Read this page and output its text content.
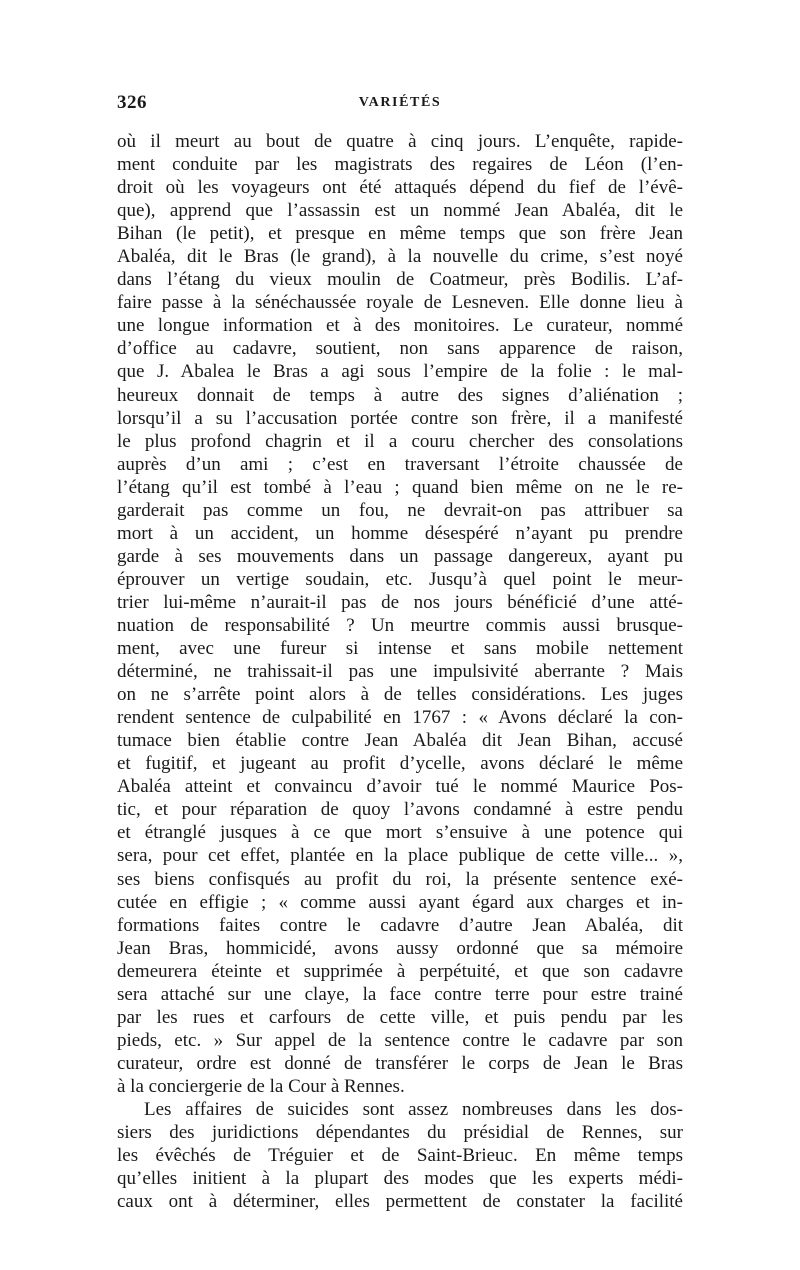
326	VARIÉTÉS
où il meurt au bout de quatre à cinq jours. L’enquête, rapide-
ment conduite par les magistrats des regaires de Léon (l’en-
droit où les voyageurs ont été attaqués dépend du fief de l’évê-
que), apprend que l’assassin est un nommé Jean Abaléa, dit le
Bihan (le petit), et presque en même temps que son frère Jean
Abaléa, dit le Bras (le grand), à la nouvelle du crime, s’est noyé
dans l’étang du vieux moulin de Coatmeur, près Bodilis. L’af-
faire passe à la sénéchaussée royale de Lesneven. Elle donne lieu à
une longue information et à des monitoires. Le curateur, nommé
d’office au cadavre, soutient, non sans apparence de raison,
que J. Abalea le Bras a agi sous l’empire de la folie : le mal-
heureux donnait de temps à autre des signes d’aliénation ;
lorsqu’il a su l’accusation portée contre son frère, il a manifesté
le plus profond chagrin et il a couru chercher des consolations
auprès d’un ami ; c’est en traversant l’étroite chaussée de
l’étang qu’il est tombé à l’eau ; quand bien même on ne le re-
garderait pas comme un fou, ne devrait-on pas attribuer sa
mort à un accident, un homme désespéré n’ayant pu prendre
garde à ses mouvements dans un passage dangereux, ayant pu
éprouver un vertige soudain, etc. Jusqu’à quel point le meur-
trier lui-même n’aurait-il pas de nos jours bénéficié d’une atté-
nuation de responsabilité ? Un meurtre commis aussi brusque-
ment, avec une fureur si intense et sans mobile nettement
déterminé, ne trahissait-il pas une impulsivité aberrante ? Mais
on ne s’arrête point alors à de telles considérations. Les juges
rendent sentence de culpabilité en 1767 : « Avons déclaré la con-
tumace bien établie contre Jean Abaléa dit Jean Bihan, accusé
et fugitif, et jugeant au profit d’ycelle, avons déclaré le même
Abaléa atteint et convaincu d’avoir tué le nommé Maurice Pos-
tic, et pour réparation de quoy l’avons condamné à estre pendu
et étranglé jusques à ce que mort s’ensuive à une potence qui
sera, pour cet effet, plantée en la place publique de cette ville... »,
ses biens confisqués au profit du roi, la présente sentence exé-
cutée en effigie ; « comme aussi ayant égard aux charges et in-
formations faites contre le cadavre d’autre Jean Abaléa, dit
Jean Bras, hommicidé, avons aussy ordonné que sa mémoire
demeurera éteinte et supprimée à perpétuité, et que son cadavre
sera attaché sur une claye, la face contre terre pour estre trainé
par les rues et carfours de cette ville, et puis pendu par les
pieds, etc. » Sur appel de la sentence contre le cadavre par son
curateur, ordre est donné de transférer le corps de Jean le Bras
à la conciergerie de la Cour à Rennes.
Les affaires de suicides sont assez nombreuses dans les dos-
siers des juridictions dépendantes du présidial de Rennes, sur
les évêchés de Tréguier et de Saint-Brieuc. En même temps
qu’elles initient à la plupart des modes que les experts médi-
caux ont à déterminer, elles permettent de constater la facilité
